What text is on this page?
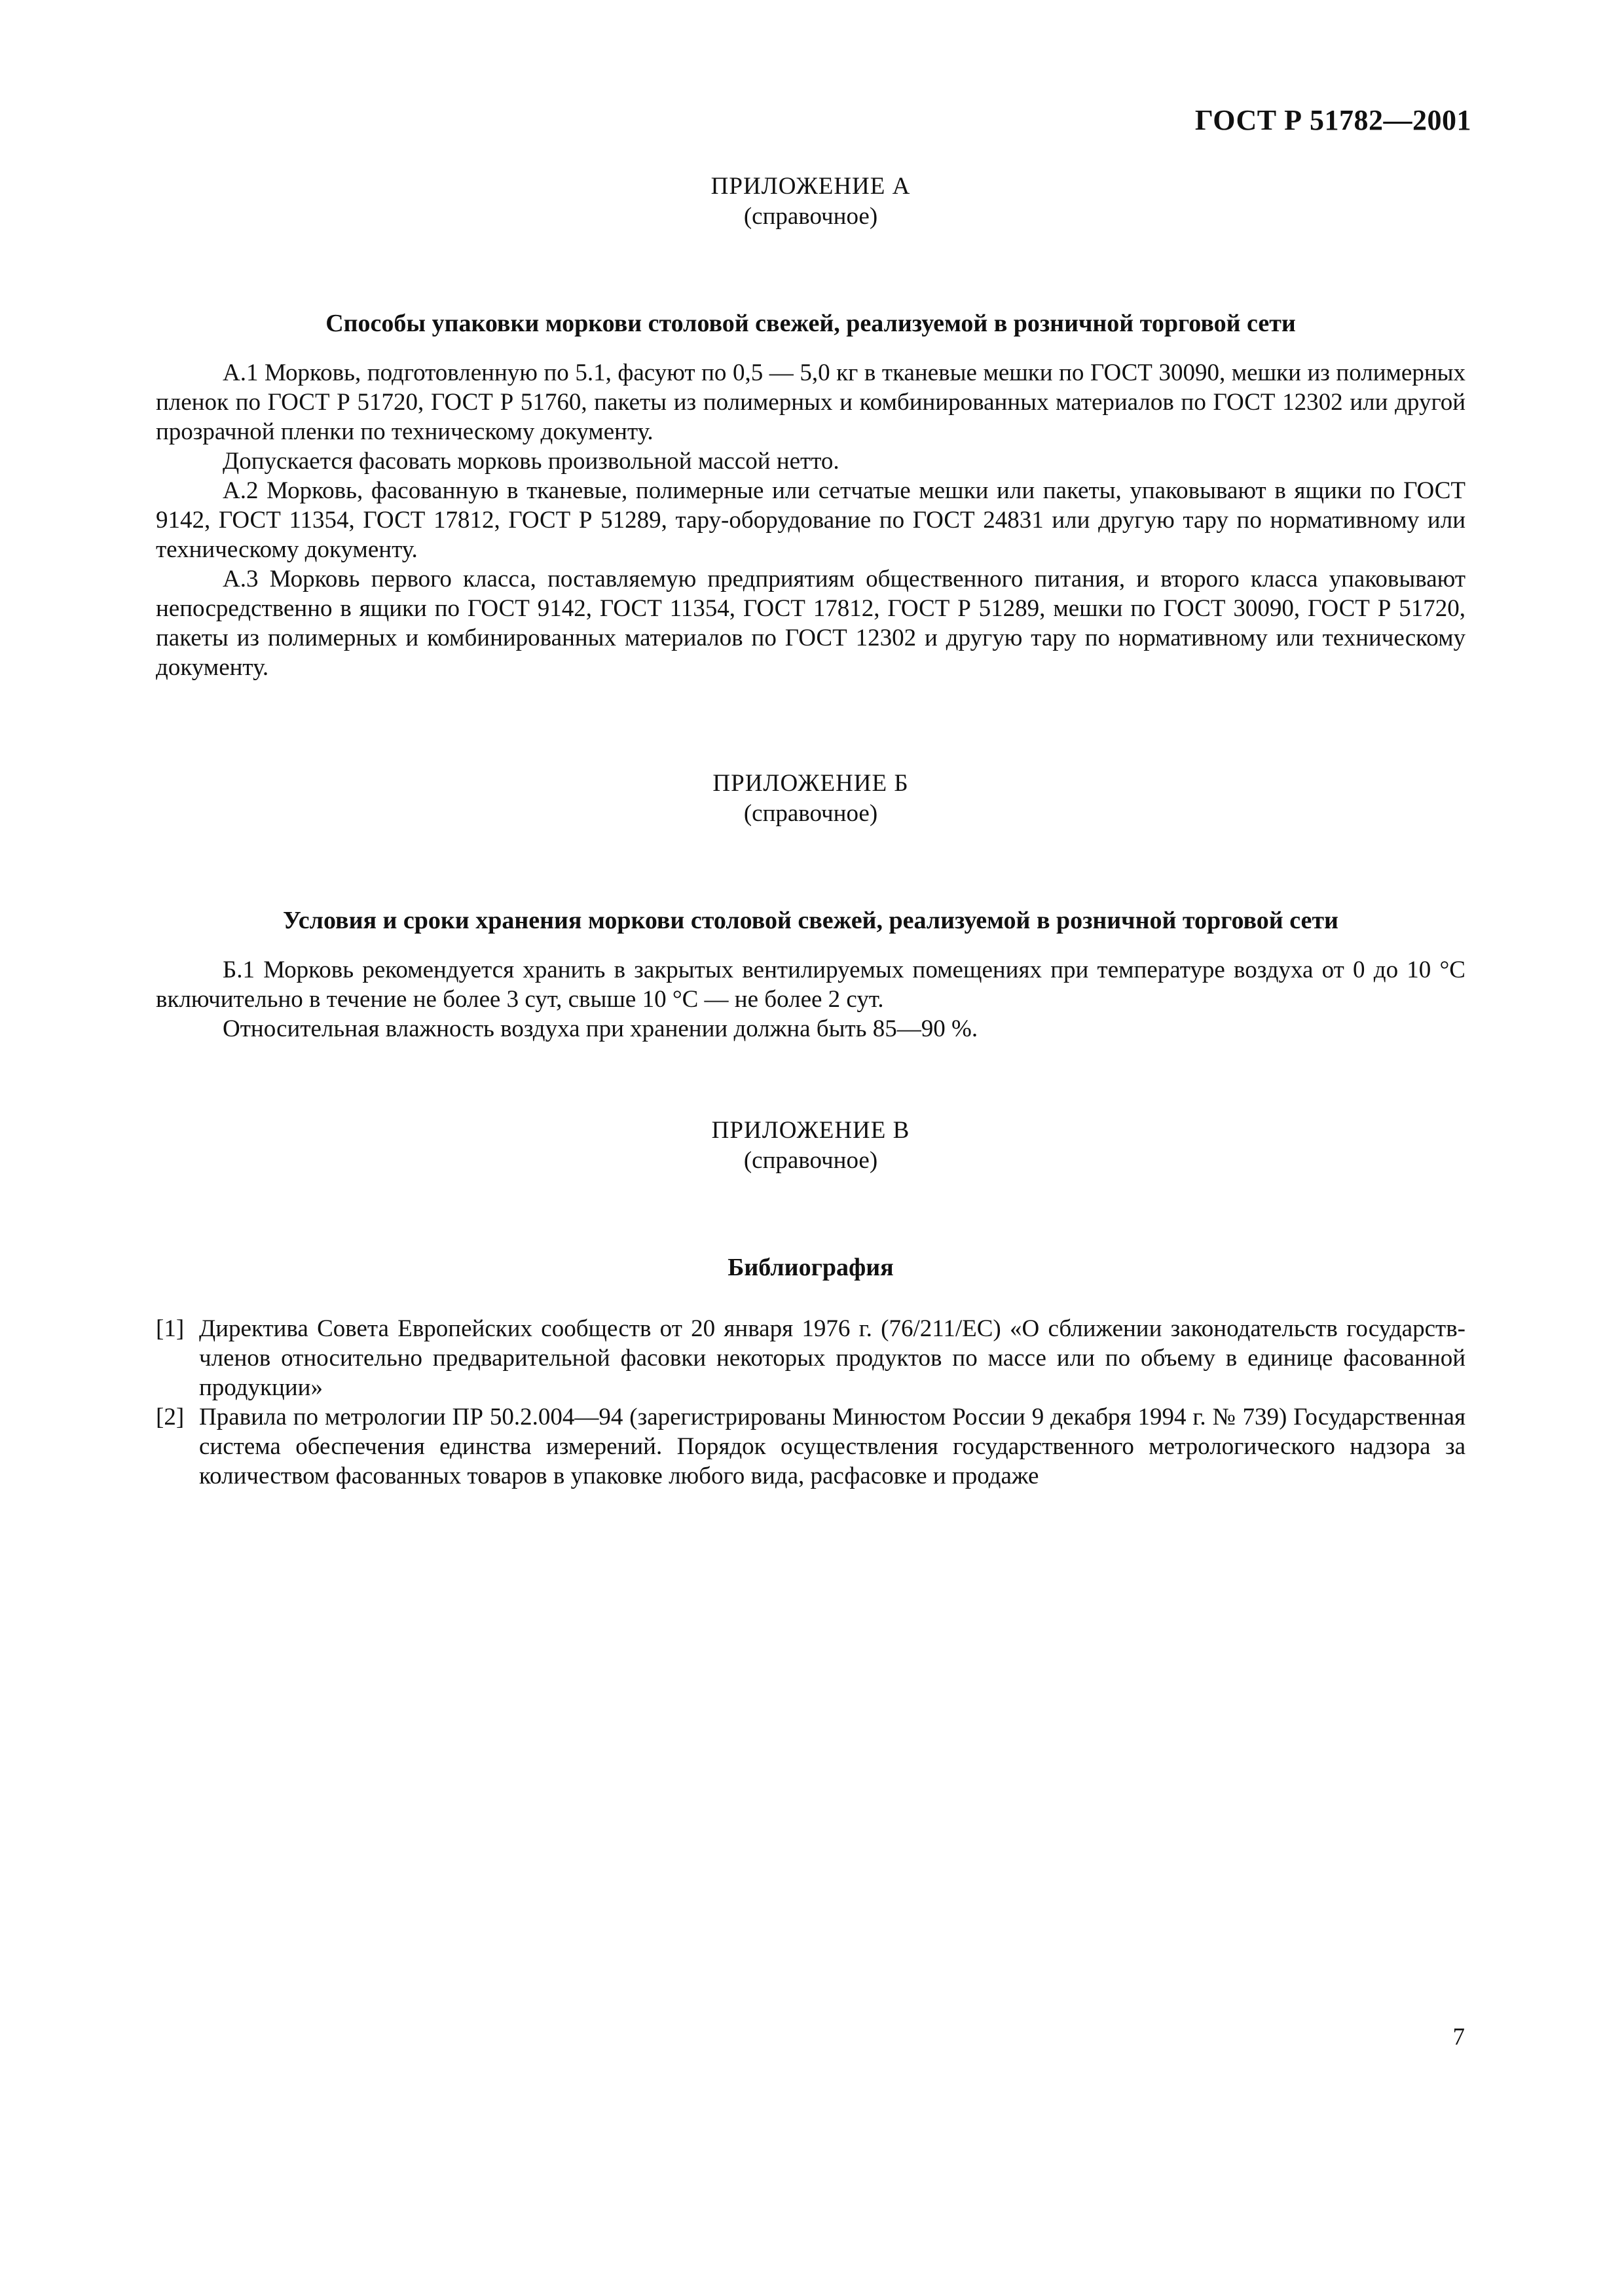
ГОСТ Р 51782—2001
ПРИЛОЖЕНИЕ А
(справочное)
Способы упаковки моркови столовой свежей, реализуемой в розничной торговой сети

А.1 Морковь, подготовленную по 5.1, фасуют по 0,5 — 5,0 кг в тканевые мешки по ГОСТ 30090, мешки из полимерных пленок по ГОСТ Р 51720, ГОСТ Р 51760, пакеты из полимерных и комбинированных материалов по ГОСТ 12302 или другой прозрачной пленки по техническому документу.

Допускается фасовать морковь произвольной массой нетто.

А.2 Морковь, фасованную в тканевые, полимерные или сетчатые мешки или пакеты, упаковывают в ящики по ГОСТ 9142, ГОСТ 11354, ГОСТ 17812, ГОСТ Р 51289, тару-оборудование по ГОСТ 24831 или другую тару по нормативному или техническому документу.

А.3 Морковь первого класса, поставляемую предприятиям общественного питания, и второго класса упаковывают непосредственно в ящики по ГОСТ 9142, ГОСТ 11354, ГОСТ 17812, ГОСТ Р 51289, мешки по ГОСТ 30090, ГОСТ Р 51720, пакеты из полимерных и комбинированных материалов по ГОСТ 12302 и другую тару по нормативному или техническому документу.

ПРИЛОЖЕНИЕ Б
(справочное)
Условия и сроки хранения моркови столовой свежей, реализуемой в розничной торговой сети

Б.1 Морковь рекомендуется хранить в закрытых вентилируемых помещениях при температуре воздуха от 0 до 10 °С включительно в течение не более 3 сут, свыше 10 °С — не более 2 сут.

Относительная влажность воздуха при хранении должна быть 85—90 %.

ПРИЛОЖЕНИЕ В
(справочное)
Библиография
[1] Директива Совета Европейских сообществ от 20 января 1976 г. (76/211/ЕС) «О сближении законодательств государств-членов относительно предварительной фасовки некоторых продуктов по массе или по объему в единице фасованной продукции»
[2] Правила по метрологии ПР 50.2.004—94 (зарегистрированы Минюстом России 9 декабря 1994 г. № 739) Государственная система обеспечения единства измерений. Порядок осуществления государственного метрологического надзора за количеством фасованных товаров в упаковке любого вида, расфасовке и продаже
7
